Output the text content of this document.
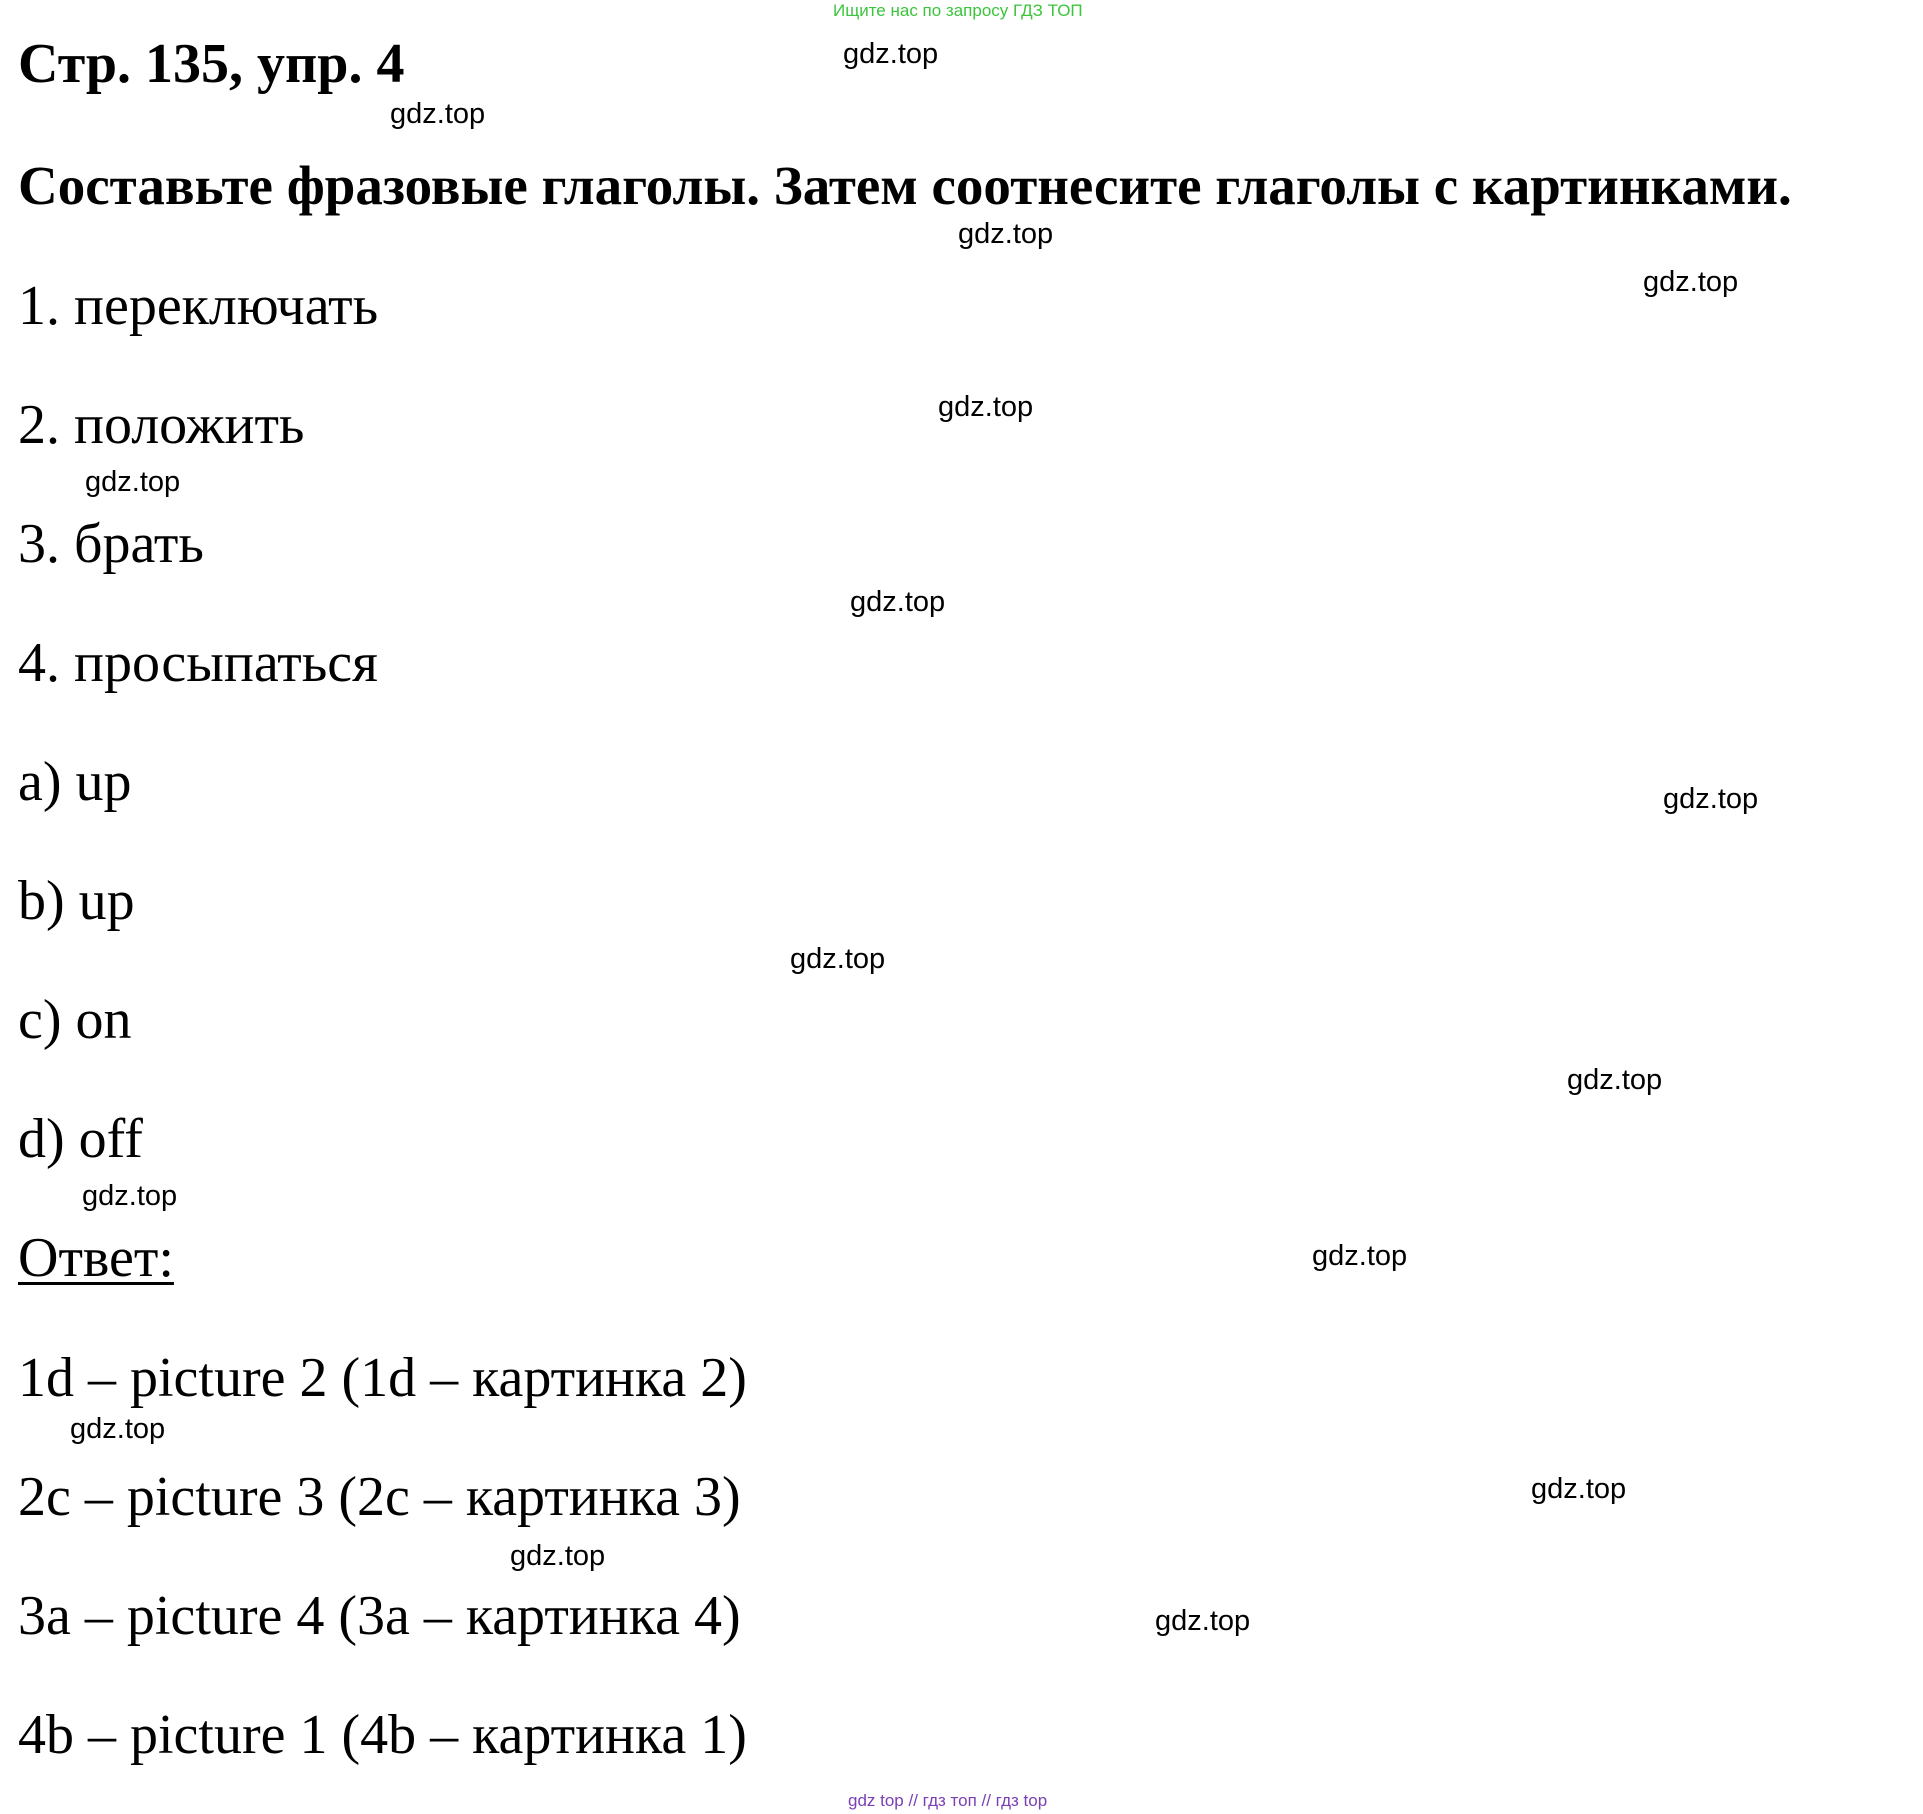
Ищите нас по запросу ГДЗ ТОП
Стр. 135, упр. 4
Составьте фразовые глаголы. Затем соотнесите глаголы с картинками.
1. переключать
2. положить
3. брать
4. просыпаться
a) up
b) up
c) on
d) off
Ответ:
1d – picture 2 (1d – картинка 2)
2c – picture 3 (2c – картинка 3)
3a – picture 4 (3a – картинка 4)
4b – picture 1 (4b – картинка 1)
gdz.top
gdz.top
gdz.top
gdz.top
gdz.top
gdz.top
gdz.top
gdz.top
gdz.top
gdz.top
gdz.top
gdz.top
gdz.top
gdz.top
gdz.top
gdz.top
gdz top // гдз топ // гдз top
